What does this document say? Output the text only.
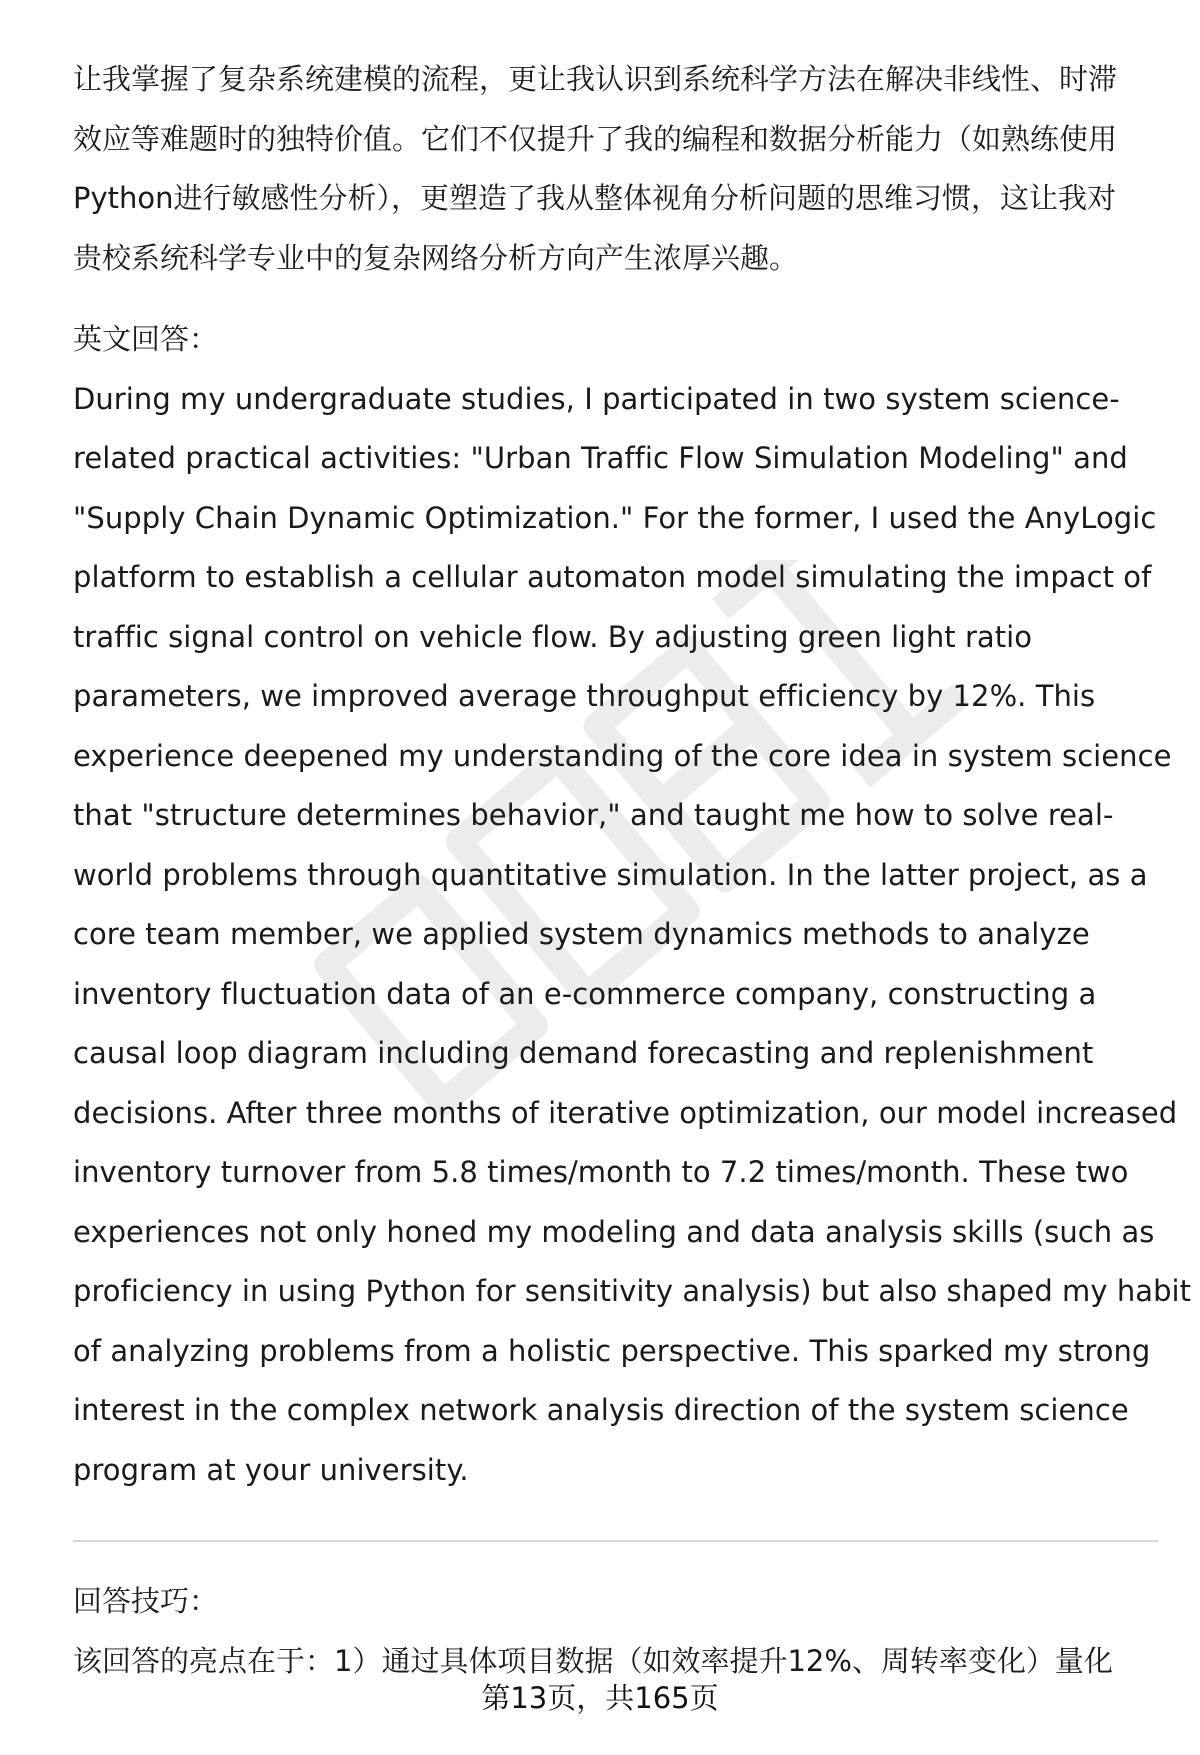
让我掌握了复杂系统建模的流程，更让我认识到系统科学方法在解决非线性、时滞
效应等难题时的独特价值。它们不仅提升了我的编程和数据分析能力（如熟练使用
Python进行敏感性分析），更塑造了我从整体视角分析问题的思维习惯，这让我对
贵校系统科学专业中的复杂网络分析方向产生浓厚兴趣。
英文回答：
During my undergraduate studies, I participated in two system science-
related practical activities: "Urban Traffic Flow Simulation Modeling" and
"Supply Chain Dynamic Optimization." For the former, I used the AnyLogic
platform to establish a cellular automaton model simulating the impact of
traffic signal control on vehicle flow. By adjusting green light ratio
parameters, we improved average throughput efficiency by 12%. This
experience deepened my understanding of the core idea in system science
that "structure determines behavior," and taught me how to solve real-
world problems through quantitative simulation. In the latter project, as a
core team member, we applied system dynamics methods to analyze
inventory fluctuation data of an e-commerce company, constructing a
causal loop diagram including demand forecasting and replenishment
decisions. After three months of iterative optimization, our model increased
inventory turnover from 5.8 times/month to 7.2 times/month. These two
experiences not only honed my modeling and data analysis skills (such as
proficiency in using Python for sensitivity analysis) but also shaped my habit
of analyzing problems from a holistic perspective. This sparked my strong
interest in the complex network analysis direction of the system science
program at your university.
回答技巧：
该回答的亮点在于：1）通过具体项目数据（如效率提升12%、周转率变化）量化
第13页，共165页
